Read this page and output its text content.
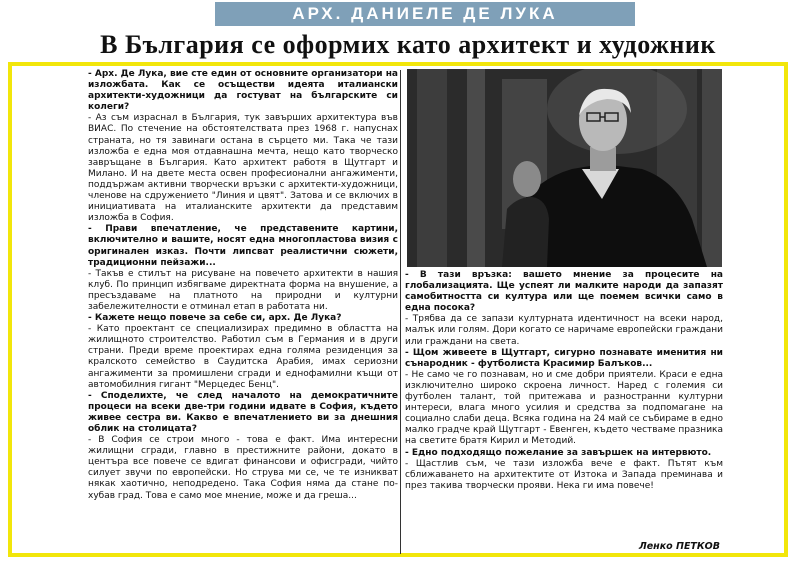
АРХ. ДАНИЕЛЕ ДЕ ЛУКА
В България се оформих като архитект и художник

- Арх. Де Лука, вие сте един от основните организатори на изложбата. Как се осъществи идеята италиански архитекти-художници да гостуват на българските си колеги?

- Аз съм израснал в България, тук завърших архитектура във ВИАС. По стечение на обстоятелствата през 1968 г. напуснах страната, но тя завинаги остана в сърцето ми. Така че тази изложба е една моя отдавнашна мечта, нещо като творческо завръщане в България. Като архитект работя в Щутгарт и Милано. И на двете места освен професионални ангажименти, поддържам активни творчески връзки с архитекти-художници, членове на сдружението "Линия и цвят". Затова и се включих в инициативата на италианските архитекти да представим изложба в София.

- Прави впечатление, че представените картини, включително и вашите, носят една многопластова визия с оригинален изказ. Почти липсват реалистични сюжети, традиционни пейзажи...

- Такъв е стилът на рисуване на повечето архитекти в нашия клуб. По принцип избягваме директната форма на внушение, а пресъздаваме на платното на природни и културни забележителности е отминал етап в работата ни.

- Кажете нещо повече за себе си, арх. Де Лука?

- Като проектант се специализирах предимно в областта на жилищното строителство. Работил съм в Германия и в други страни. Преди време проектирах една голяма резиденция за кралското семейство в Саудитска Арабия, имах сериозни ангажименти за промишлени сгради и еднофамилни къщи от автомобилния гигант "Мерцедес Бенц".

- Споделихте, че след началото на демократичните процеси на всеки две-три години идвате в София, където живее сестра ви. Какво е впечатлението ви за днешния облик на столицата?

- В София се строи много - това е факт. Има интересни жилищни сгради, главно в престижните райони, докато в центъра все повече се вдигат финансови и офисгради, чийто силует звучи по европейски. Но струва ми се, че те изникват някак хаотично, неподредено. Така София няма да стане по-хубав град. Това е само мое мнение, може и да греша...

- В тази връзка: вашето мнение за процесите на глобализацията. Ще успеят ли малките народи да запазят самобитността си култура или ще поемем всички само в една посока?

- Трябва да се запази културната идентичност на всеки народ, малък или голям. Дори когато се наричаме европейски граждани или граждани на света.

- Щом живеете в Щутгарт, сигурно познавате именития ни сънародник - футболиста Красимир Балъков...

- Не само че го познавам, но и сме добри приятели. Краси е една изключително широко скроена личност. Наред с големия си футболен талант, той притежава и разностранни културни интереси, влага много усилия и средства за подпомагане на социално слаби деца. Всяка година на 24 май се събираме в едно малко градче край Щутгарт - Евенген, където честваме празника на светите братя Кирил и Методий.

- Едно подходящо пожелание за завършек на интервюто.

- Щастлив съм, че тази изложба вече е факт. Пътят към сближаването на архитектите от Изтока и Запада преминава и през такива творчески прояви. Нека ги има повече!

Ленко ПЕТКОВ
